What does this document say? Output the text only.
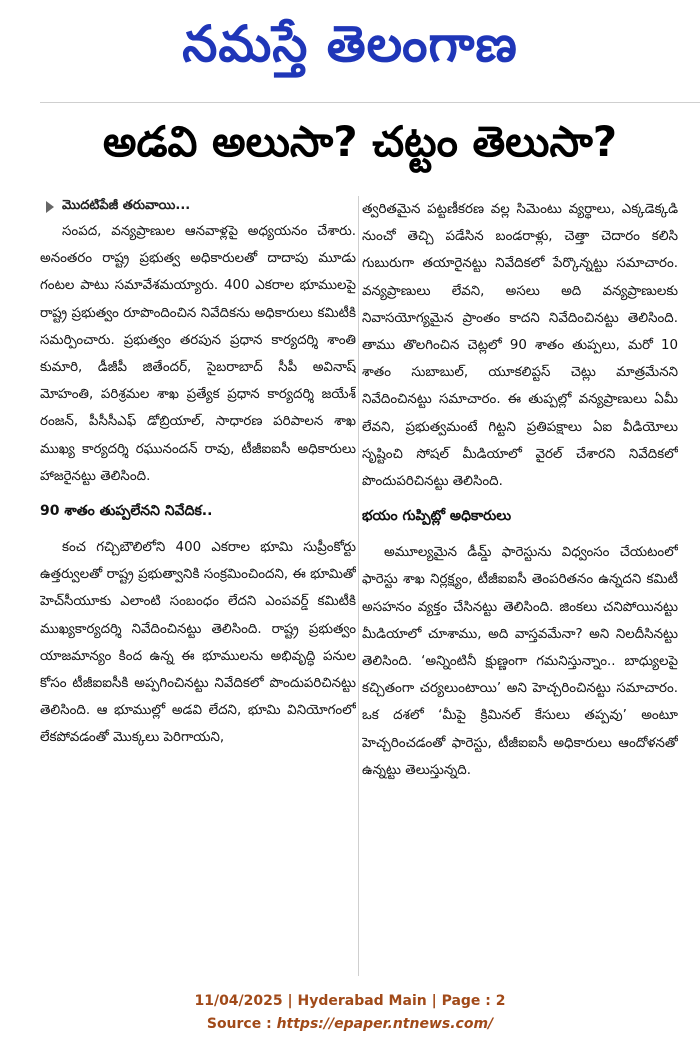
నమస్తే తెలంగాణ
అడవి అలుసా? చట్టం తెలుసా?
మొదటిపేజీ తరువాయి...

సంపద, వన్యప్రాణుల ఆనవాళ్లపై అధ్యయనం చేశారు. అనంతరం రాష్ట్ర ప్రభుత్వ అధికారులతో దాదాపు మూడు గంటల పాటు సమావేశమయ్యారు. 400 ఎకరాల భూములపై రాష్ట్ర ప్రభుత్వం రూపొందించిన నివేదికను అధికారులు కమిటీకి సమర్పించారు. ప్రభుత్వం తరపున ప్రధాన కార్యదర్శి శాంతి కుమారి, డీజీపీ జితేందర్, సైబరాబాద్ సీపీ అవినాష్ మోహంతి, పరిశ్రమల శాఖ ప్రత్యేక ప్రధాన కార్యదర్శి జయేశ్ రంజన్, పీసీసీఎఫ్ డోబ్రియాల్, సాధారణ పరిపాలన శాఖ ముఖ్య కార్యదర్శి రఘునందన్ రావు, టీజీఐఐసీ అధికారులు హాజరైనట్టు తెలిసింది.

90 శాతం తుప్పలేనని నివేదిక..

కంచ గచ్చిబౌలిలోని 400 ఎకరాల భూమి సుప్రీంకోర్టు ఉత్తర్వులతో రాష్ట్ర ప్రభుత్వానికి సంక్రమించిందని, ఈ భూమితో హెచ్‌సీయూకు ఎలాంటి సంబంధం లేదని ఎంపవర్డ్ కమిటీకి ముఖ్యకార్యదర్శి నివేదించినట్టు తెలిసింది. రాష్ట్ర ప్రభుత్వం యాజమాన్యం కింద ఉన్న ఈ భూములను అభివృద్ధి పనుల కోసం టీజీఐఐసీకి అప్పగించినట్టు నివేదికలో పొందుపరిచినట్టు తెలిసింది. ఆ భూముల్లో అడవి లేదని, భూమి వినియోగంలో లేకపోవడంతో మొక్కలు పెరిగాయని,

త్వరితమైన పట్టణీకరణ వల్ల సిమెంటు వ్యర్థాలు, ఎక్కడెక్కడి నుంచో తెచ్చి పడేసిన బండరాళ్లు, చెత్తా చెదారం కలిసి గుబురుగా తయారైనట్టు నివేదికలో పేర్కొన్నట్టు సమాచారం. వన్యప్రాణులు లేవని, అసలు అది వన్యప్రాణులకు నివాసయోగ్యమైన ప్రాంతం కాదని నివేదించినట్టు తెలిసింది. తాము తొలగించిన చెట్లలో 90 శాతం తుప్పలు, మరో 10 శాతం సుబాబుల్, యూకలిప్టస్ చెట్లు మాత్రమేనని నివేదించినట్టు సమాచారం. ఈ తుప్పల్లో వన్యప్రాణులు ఏమీ లేవని, ప్రభుత్వమంటే గిట్టని ప్రతిపక్షాలు ఏఐ వీడియోలు సృష్టించి సోషల్ మీడియాలో వైరల్ చేశారని నివేదికలో పొందుపరిచినట్టు తెలిసింది.

భయం గుప్పిట్లో అధికారులు

అమూల్యమైన డీమ్డ్ ఫారెస్టును విధ్వంసం చేయటంలో ఫారెస్టు శాఖ నిర్లక్ష్యం, టీజీఐఐసీ తెంపరితనం ఉన్నదని కమిటీ అసహనం వ్యక్తం చేసినట్టు తెలిసింది. జింకలు చనిపోయినట్టు మీడియాలో చూశాము, అది వాస్తవమేనా? అని నిలదీసినట్టు తెలిసింది. ‘అన్నింటినీ క్షుణ్ణంగా గమనిస్తున్నాం.. బాధ్యులపై కచ్చితంగా చర్యలుంటాయి’ అని హెచ్చరించినట్టు సమాచారం. ఒక దశలో ‘మీపై క్రిమినల్ కేసులు తప్పవు’ అంటూ హెచ్చరించడంతో ఫారెస్టు, టీజీఐఐసీ అధికారులు ఆందోళనతో ఉన్నట్టు తెలుస్తున్నది.

11/04/2025 | Hyderabad Main | Page : 2
Source : https://epaper.ntnews.com/
